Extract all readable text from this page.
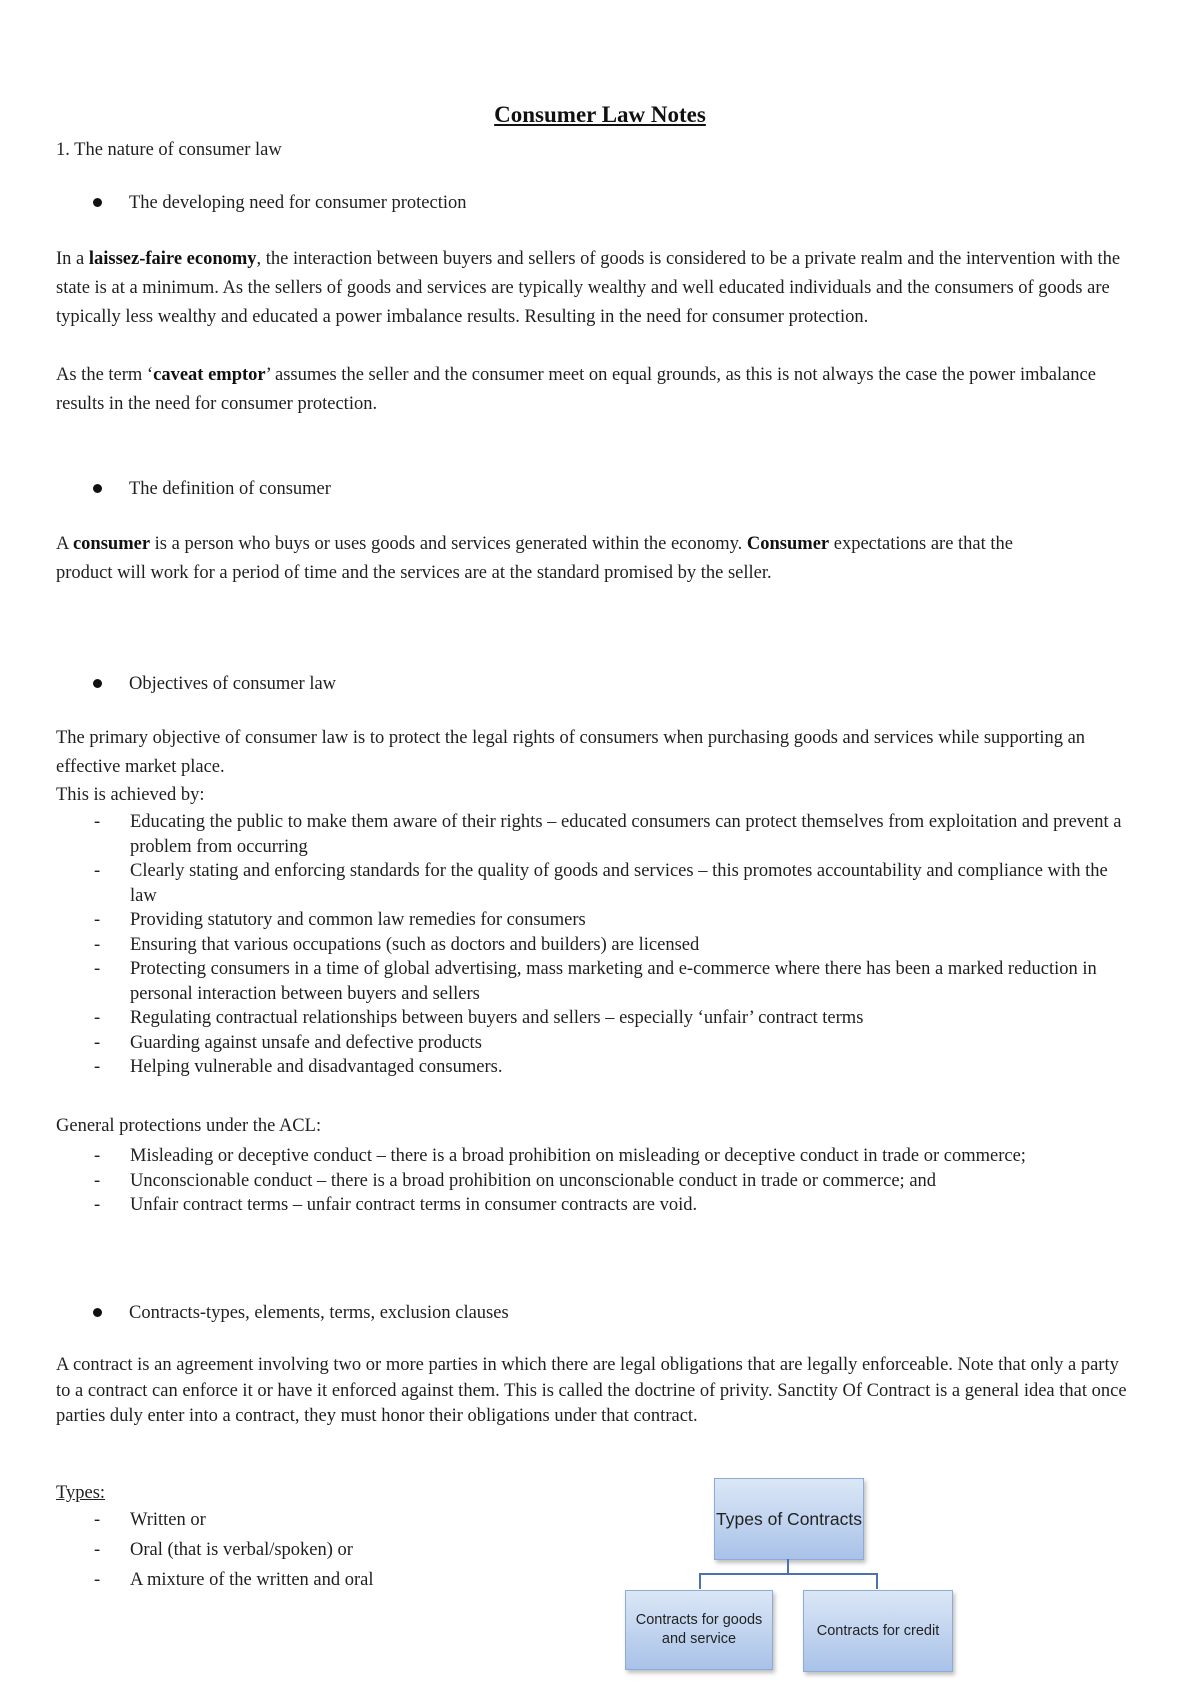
Consumer Law Notes
1. The nature of consumer law
The developing need for consumer protection
In a laissez-faire economy, the interaction between buyers and sellers of goods is considered to be a private realm and the intervention with the state is at a minimum. As the sellers of goods and services are typically wealthy and well educated individuals and the consumers of goods are typically less wealthy and educated a power imbalance results. Resulting in the need for consumer protection.
As the term ‘caveat emptor’ assumes the seller and the consumer meet on equal grounds, as this is not always the case the power imbalance results in the need for consumer protection.
The definition of consumer
A consumer is a person who buys or uses goods and services generated within the economy. Consumer expectations are that the product will work for a period of time and the services are at the standard promised by the seller.
Objectives of consumer law
The primary objective of consumer law is to protect the legal rights of consumers when purchasing goods and services while supporting an effective market place.
This is achieved by:
- Educating the public to make them aware of their rights – educated consumers can protect themselves from exploitation and prevent a problem from occurring
- Clearly stating and enforcing standards for the quality of goods and services – this promotes accountability and compliance with the law
- Providing statutory and common law remedies for consumers
- Ensuring that various occupations (such as doctors and builders) are licensed
- Protecting consumers in a time of global advertising, mass marketing and e-commerce where there has been a marked reduction in personal interaction between buyers and sellers
- Regulating contractual relationships between buyers and sellers – especially ‘unfair’ contract terms
- Guarding against unsafe and defective products
- Helping vulnerable and disadvantaged consumers.
General protections under the ACL:
- Misleading or deceptive conduct – there is a broad prohibition on misleading or deceptive conduct in trade or commerce;
- Unconscionable conduct – there is a broad prohibition on unconscionable conduct in trade or commerce; and
- Unfair contract terms – unfair contract terms in consumer contracts are void.
Contracts-types, elements, terms, exclusion clauses
A contract is an agreement involving two or more parties in which there are legal obligations that are legally enforceable. Note that only a party to a contract can enforce it or have it enforced against them. This is called the doctrine of privity. Sanctity Of Contract is a general idea that once parties duly enter into a contract, they must honor their obligations under that contract.
Types:
- Written or
- Oral (that is verbal/spoken) or
- A mixture of the written and oral
Types of Contracts
Contracts for goods and service
Contracts for credit
